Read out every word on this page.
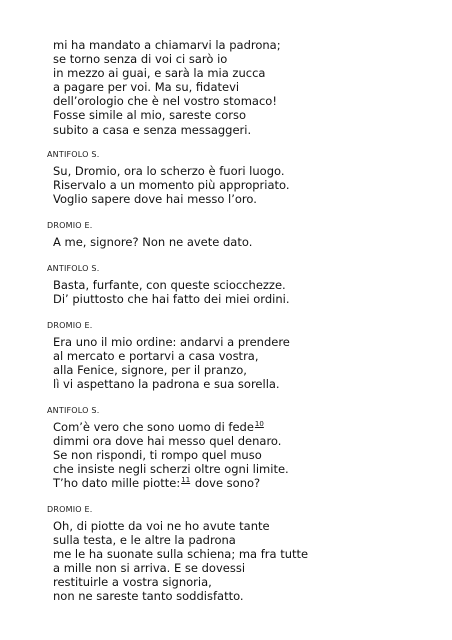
mi ha mandato a chiamarvi la padrona;

se torno senza di voi ci sarò io

in mezzo ai guai, e sarà la mia zucca

a pagare per voi. Ma su, fidatevi

dell’orologio che è nel vostro stomaco!

Fosse simile al mio, sareste corso

subito a casa e senza messaggeri.

ANTIFOLO S.

Su, Dromio, ora lo scherzo è fuori luogo.

Riservalo a un momento più appropriato.

Voglio sapere dove hai messo l’oro.

DROMIO E.

A me, signore? Non ne avete dato.

ANTIFOLO S.

Basta, furfante, con queste sciocchezze.

Di’ piuttosto che hai fatto dei miei ordini.

DROMIO E.

Era uno il mio ordine: andarvi a prendere

al mercato e portarvi a casa vostra,

alla Fenice, signore, per il pranzo,

lì vi aspettano la padrona e sua sorella.

ANTIFOLO S.

Com’è vero che sono uomo di fede$^{10}$

dimmi ora dove hai messo quel denaro.

Se non rispondi, ti rompo quel muso

che insiste negli scherzi oltre ogni limite.

T’ho dato mille piotte:$^{11}$ dove sono?

DROMIO E.

Oh, di piotte da voi ne ho avute tante

sulla testa, e le altre la padrona

me le ha suonate sulla schiena; ma fra tutte

a mille non si arriva. E se dovessi

restituirle a vostra signoria,

non ne sareste tanto soddisfatto.
